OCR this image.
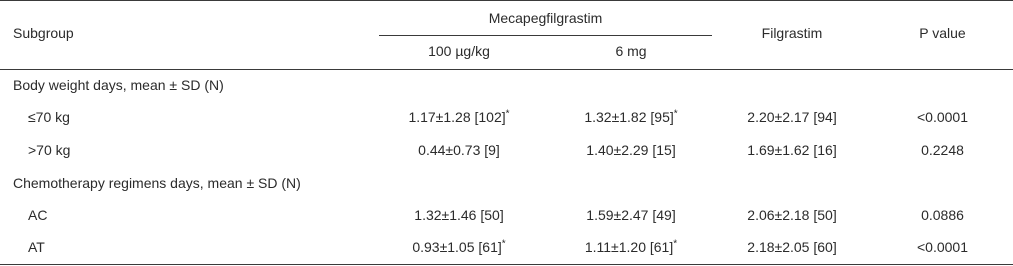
Subgroup
Mecapegfilgrastim
100 µg/kg	6 mg
Filgrastim	P value
Body weight days, mean ± SD (N)
≤70 kg	1.17±1.28 [102]*	1.32±1.82 [95]*	2.20±2.17 [94]	<0.0001
>70 kg	0.44±0.73 [9]	1.40±2.29 [15]	1.69±1.62 [16]	0.2248
Chemotherapy regimens days, mean ± SD (N)
AC	1.32±1.46 [50]	1.59±2.47 [49]	2.06±2.18 [50]	0.0886
AT	0.93±1.05 [61]*	1.11±1.20 [61]*	2.18±2.05 [60]	<0.0001
